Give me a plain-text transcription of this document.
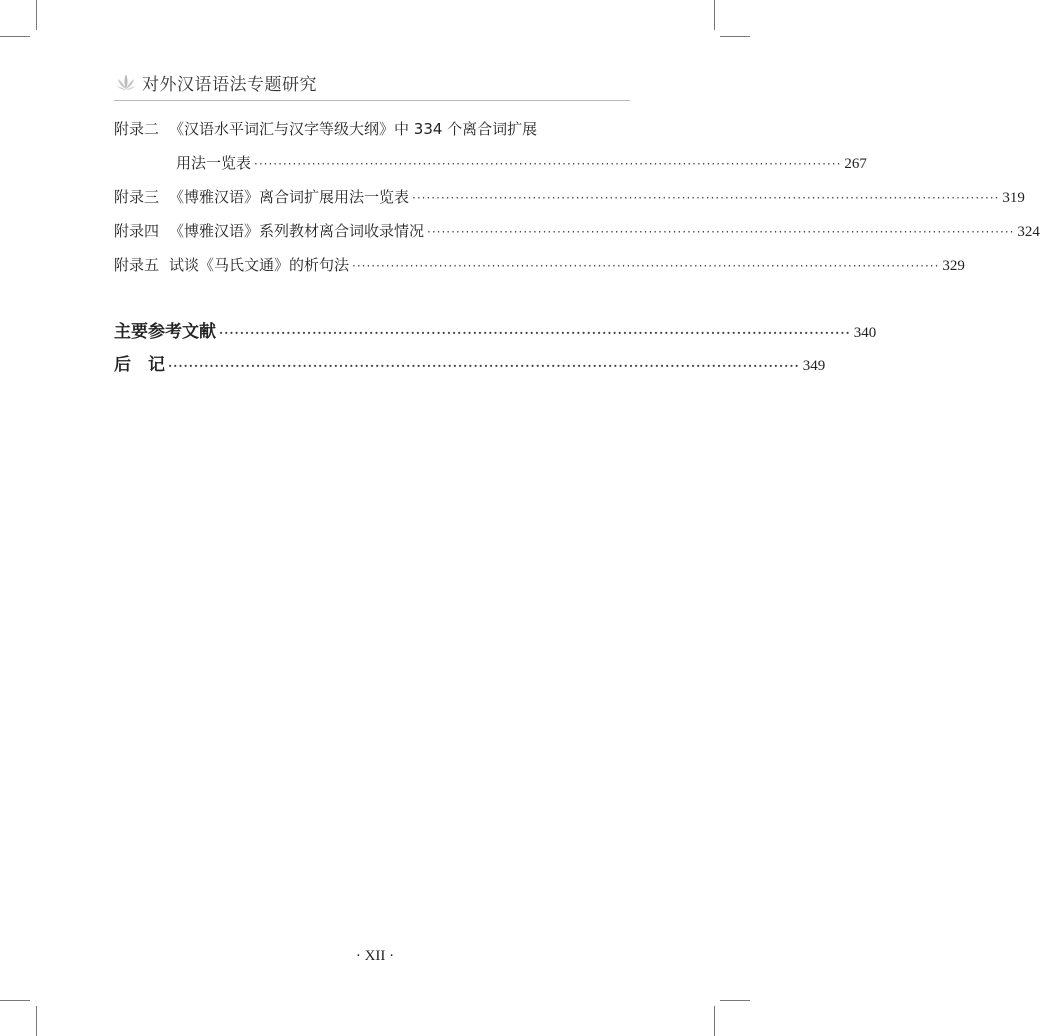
对外汉语语法专题研究
附录二 《汉语水平词汇与汉字等级大纲》中 334 个离合词扩展
用法一览表 ·························································································································· 267
附录三 《博雅汉语》离合词扩展用法一览表 ·························································································································· 319
附录四 《博雅汉语》系列教材离合词收录情况 ·························································································································· 324
附录五 试谈《马氏文通》的析句法 ·························································································································· 329
主要参考文献 ·························································································································· 340
后　记 ·························································································································· 349
· XII ·
